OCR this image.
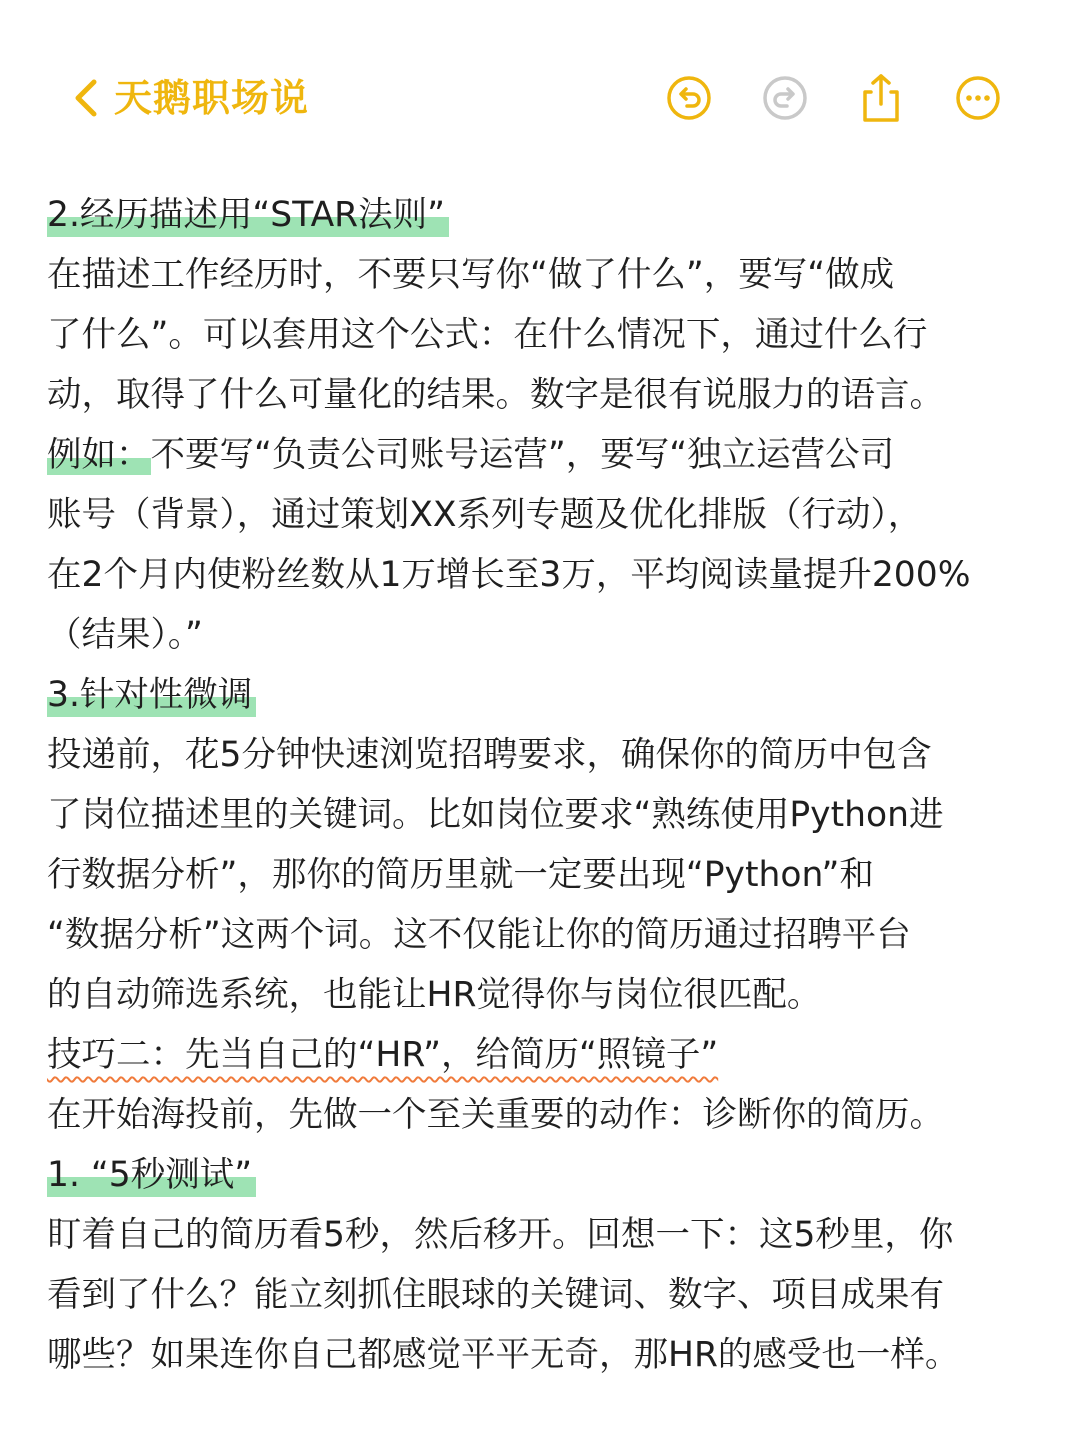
天鹅职场说
2.经历描述用“STAR法则”
在描述工作经历时，不要只写你“做了什么”，要写“做成
了什么”。可以套用这个公式：在什么情况下，通过什么行
动，取得了什么可量化的结果。数字是很有说服力的语言。
例如：不要写“负责公司账号运营”，要写“独立运营公司
账号（背景），通过策划XX系列专题及优化排版（行动），
在2个月内使粉丝数从1万增长至3万，平均阅读量提升200%
（结果）。”
3.针对性微调
投递前，花5分钟快速浏览招聘要求，确保你的简历中包含
了岗位描述里的关键词。比如岗位要求“熟练使用Python进
行数据分析”，那你的简历里就一定要出现“Python”和
“数据分析”这两个词。这不仅能让你的简历通过招聘平台
的自动筛选系统，也能让HR觉得你与岗位很匹配。
技巧二：先当自己的“HR”，给简历“照镜子”
在开始海投前，先做一个至关重要的动作：诊断你的简历。
1. “5秒测试”
盯着自己的简历看5秒，然后移开。回想一下：这5秒里，你
看到了什么？能立刻抓住眼球的关键词、数字、项目成果有
哪些？如果连你自己都感觉平平无奇，那HR的感受也一样。
